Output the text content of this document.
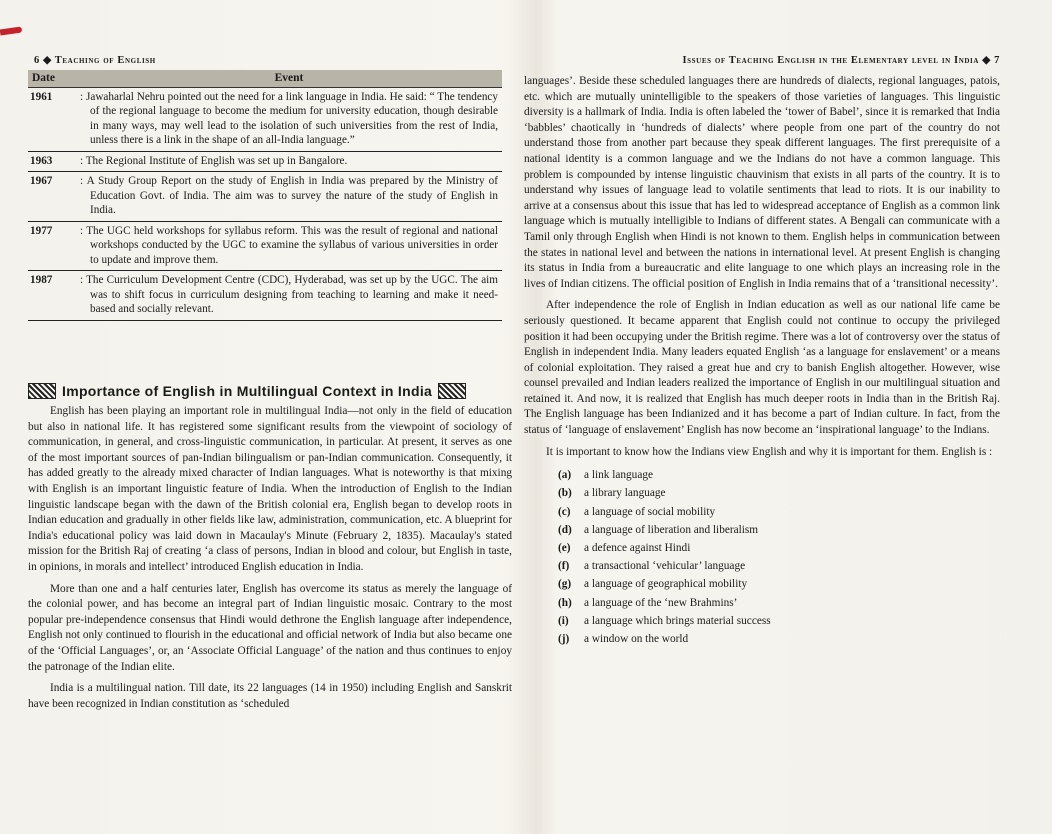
6 ◆ Teaching of English
Date	Event
1961	: Jawaharlal Nehru pointed out the need for a link language in India. He said: “ The tendency of the regional language to become the medium for university education, though desirable in many ways, may well lead to the isolation of such universities from the rest of India, unless there is a link in the shape of an all-India language.”
1963	: The Regional Institute of English was set up in Bangalore.
1967	: A Study Group Report on the study of English in India was prepared by the Ministry of Education Govt. of India. The aim was to survey the nature of the study of English in India.
1977	: The UGC held workshops for syllabus reform. This was the result of regional and national workshops conducted by the UGC to examine the syllabus of various universities in order to update and improve them.
1987	: The Curriculum Development Centre (CDC), Hyderabad, was set up by the UGC. The aim was to shift focus in curriculum designing from teaching to learning and make it need-based and socially relevant.
Importance of English in Multilingual Context in India

English has been playing an important role in multilingual India—not only in the field of education but also in national life. It has registered some significant results from the viewpoint of sociology of communication, in general, and cross-linguistic communication, in particular. At present, it serves as one of the most important sources of pan-Indian bilingualism or pan-Indian communication. Consequently, it has added greatly to the already mixed character of Indian languages. What is noteworthy is that mixing with English is an important linguistic feature of India. When the introduction of English to the Indian linguistic landscape began with the dawn of the British colonial era, English began to develop roots in Indian education and gradually in other fields like law, administration, communication, etc. A blueprint for India's educational policy was laid down in Macaulay's Minute (February 2, 1835). Macaulay's stated mission for the British Raj of creating ‘a class of persons, Indian in blood and colour, but English in taste, in opinions, in morals and intellect’ introduced English education in India.

More than one and a half centuries later, English has overcome its status as merely the language of the colonial power, and has become an integral part of Indian linguistic mosaic. Contrary to the most popular pre-independence consensus that Hindi would dethrone the English language after independence, English not only continued to flourish in the educational and official network of India but also became one of the ‘Official Languages’, or, an ‘Associate Official Language’ of the nation and thus continues to enjoy the patronage of the Indian elite.

India is a multilingual nation. Till date, its 22 languages (14 in 1950) including English and Sanskrit have been recognized in Indian constitution as ‘scheduled

Issues of Teaching English in the Elementary level in India ◆ 7

languages’. Beside these scheduled languages there are hundreds of dialects, regional languages, patois, etc. which are mutually unintelligible to the speakers of those varieties of languages. This linguistic diversity is a hallmark of India. India is often labeled the ‘tower of Babel’, since it is remarked that India ‘babbles’ chaotically in ‘hundreds of dialects’ where people from one part of the country do not understand those from another part because they speak different languages. The first prerequisite of a national identity is a common language and we the Indians do not have a common language. This problem is compounded by intense linguistic chauvinism that exists in all parts of the country. It is to understand why issues of language lead to volatile sentiments that lead to riots. It is our inability to arrive at a consensus about this issue that has led to widespread acceptance of English as a common link language which is mutually intelligible to Indians of different states. A Bengali can communicate with a Tamil only through English when Hindi is not known to them. English helps in communication between the states in national level and between the nations in international level. At present English is changing its status in India from a bureaucratic and elite language to one which plays an increasing role in the lives of Indian citizens. The official position of English in India remains that of a ‘transitional necessity’.

After independence the role of English in Indian education as well as our national life came be seriously questioned. It became apparent that English could not continue to occupy the privileged position it had been occupying under the British regime. There was a lot of controversy over the status of English in independent India. Many leaders equated English ‘as a language for enslavement’ or a means of colonial exploitation. They raised a great hue and cry to banish English altogether. However, wise counsel prevailed and Indian leaders realized the importance of English in our multilingual situation and retained it. And now, it is realized that English has much deeper roots in India than in the British Raj. The English language has been Indianized and it has become a part of Indian culture. In fact, from the status of ‘language of enslavement’ English has now become an ‘inspirational language’ to the Indians.

It is important to know how the Indians view English and why it is important for them. English is :

(a)	a link language
(b)	a library language
(c)	a language of social mobility
(d)	a language of liberation and liberalism
(e)	a defence against Hindi
(f)	a transactional ‘vehicular’ language
(g)	a language of geographical mobility
(h)	a language of the ‘new Brahmins’
(i)	a language which brings material success
(j)	a window on the world
